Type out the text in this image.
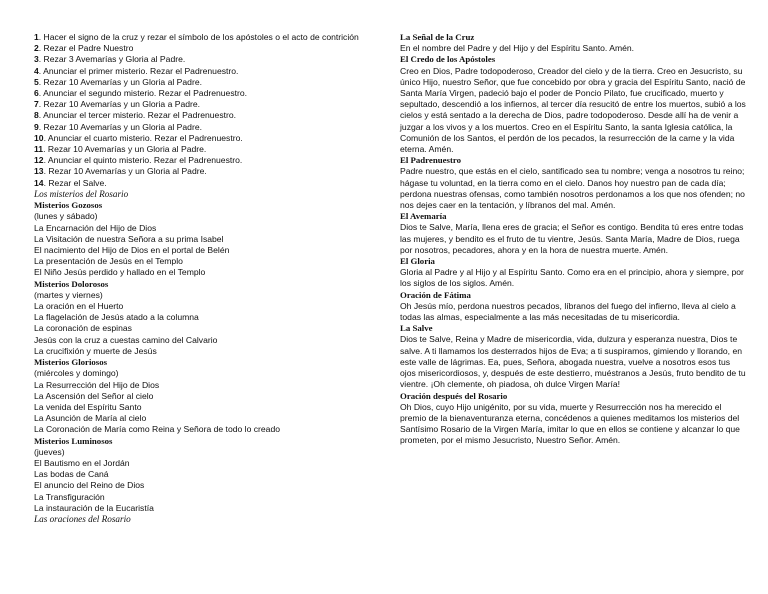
1. Hacer el signo de la cruz y rezar el símbolo de los apóstoles o el acto de contrición
2. Rezar el Padre Nuestro
3. Rezar 3 Avemarías y Gloria al Padre.
4. Anunciar el primer misterio. Rezar el Padrenuestro.
5. Rezar 10 Avemarías y un Gloria al Padre.
6. Anunciar el segundo misterio. Rezar el Padrenuestro.
7. Rezar 10 Avemarías y un Gloria a Padre.
8. Anunciar el tercer misterio. Rezar el Padrenuestro.
9. Rezar 10 Avemarías y un Gloria al Padre.
10. Anunciar el cuarto misterio. Rezar el Padrenuestro.
11. Rezar 10 Avemarías y un Gloria al Padre.
12. Anunciar el quinto misterio. Rezar el Padrenuestro.
13. Rezar 10 Avemarías y un Gloria al Padre.
14. Rezar el Salve.
Los misterios del Rosario
Misterios Gozosos
(lunes y sábado)
La Encarnación del Hijo de Dios
La Visitación de nuestra Señora a su prima Isabel
El nacimiento del Hijo de Dios en el portal de Belén
La presentación de Jesús en el Templo
El Niño Jesús perdido y hallado en el Templo
Misterios Dolorosos
(martes y viernes)
La oración en el Huerto
La flagelación de Jesús atado a la columna
La coronación de espinas
Jesús con la cruz a cuestas camino del Calvario
La crucifixión y muerte de Jesús
Misterios Gloriosos
(miércoles y domingo)
La Resurrección del Hijo de Dios
La Ascensión del Señor al cielo
La venida del Espíritu Santo
La Asunción de María al cielo
La Coronación de María como Reina y Señora de todo lo creado
Misterios Luminosos
(jueves)
El Bautismo en el Jordán
Las bodas de Caná
El anuncio del Reino de Dios
La Transfiguración
La instauración de la Eucaristía
Las oraciones del Rosario
La Señal de la Cruz
En el nombre del Padre y del Hijo y del Espíritu Santo. Amén.
El Credo de los Apóstoles
Creo en Dios, Padre todopoderoso, Creador del cielo y de la tierra. Creo en Jesucristo, su único Hijo, nuestro Señor, que fue concebido por obra y gracia del Espíritu Santo, nació de Santa María Virgen, padeció bajo el poder de Poncio Pilato, fue crucificado, muerto y sepultado, descendió a los infiernos, al tercer día resucitó de entre los muertos, subió a los cielos y está sentado a la derecha de Dios, padre todopoderoso. Desde allí ha de venir a juzgar a los vivos y a los muertos. Creo en el Espíritu Santo, la santa Iglesia católica, la Comunión de los Santos, el perdón de los pecados, la resurrección de la carne y la vida eterna. Amén.
El Padrenuestro
Padre nuestro, que estás en el cielo, santificado sea tu nombre; venga a nosotros tu reino; hágase tu voluntad, en la tierra como en el cielo. Danos hoy nuestro pan de cada día; perdona nuestras ofensas, como también nosotros perdonamos a los que nos ofenden; no nos dejes caer en la tentación, y líbranos del mal. Amén.
El Avemaría
Dios te Salve, María, llena eres de gracia; el Señor es contigo. Bendita tú eres entre todas las mujeres, y bendito es el fruto de tu vientre, Jesús. Santa María, Madre de Dios, ruega por nosotros, pecadores, ahora y en la hora de nuestra muerte. Amén.
El Gloria
Gloria al Padre y al Hijo y al Espíritu Santo. Como era en el principio, ahora y siempre, por los siglos de los siglos. Amén.
Oración de Fátima
Oh Jesús mío, perdona nuestros pecados, líbranos del fuego del infierno, lleva al cielo a todas las almas, especialmente a las más necesitadas de tu misericordia.
La Salve
Dios te Salve, Reina y Madre de misericordia, vida, dulzura y esperanza nuestra, Dios te salve. A ti llamamos los desterrados hijos de Eva; a ti suspiramos, gimiendo y llorando, en este valle de lágrimas. Ea, pues, Señora, abogada nuestra, vuelve a nosotros esos tus ojos misericordiosos, y, después de este destierro, muéstranos a Jesús, fruto bendito de tu vientre. ¡Oh clemente, oh piadosa, oh dulce Virgen María!
Oración después del Rosario
Oh Dios, cuyo Hijo unigénito, por su vida, muerte y Resurrección nos ha merecido el premio de la bienaventuranza eterna, concédenos a quienes meditamos los misterios del Santísimo Rosario de la Virgen María, imitar lo que en ellos se contiene y alcanzar lo que prometen, por el mismo Jesucristo, Nuestro Señor. Amén.
